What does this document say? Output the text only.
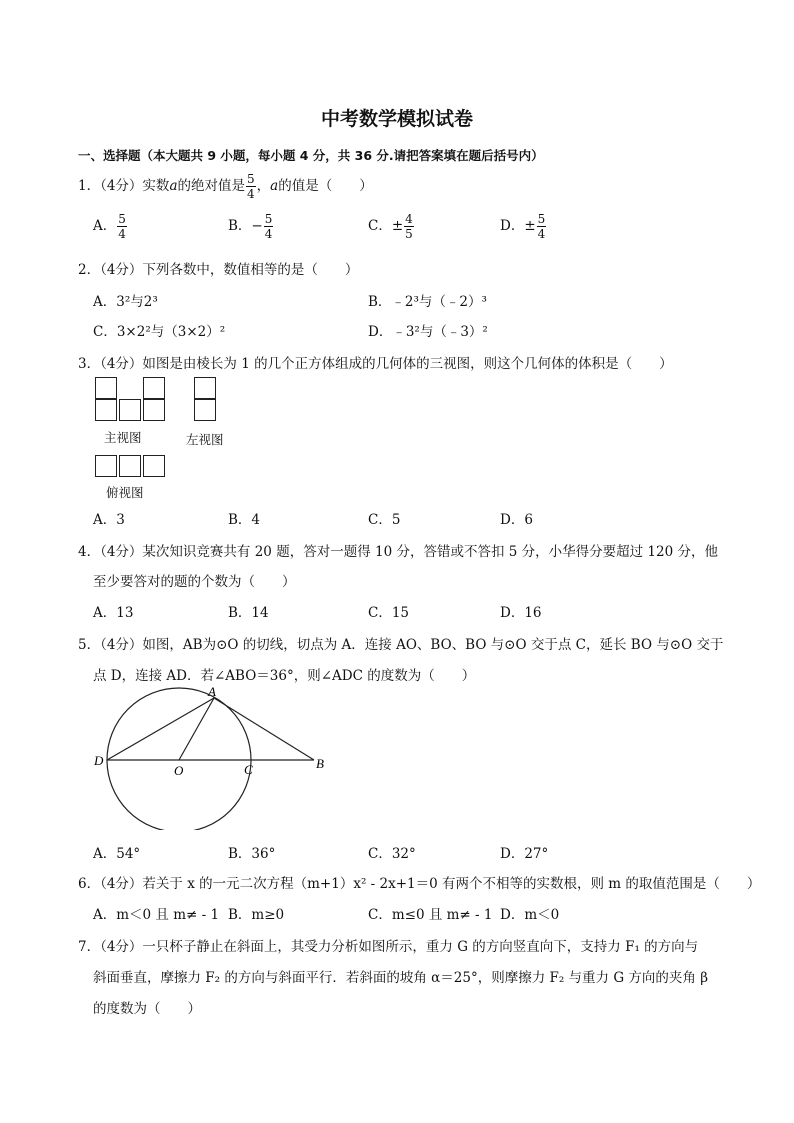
中考数学模拟试卷
一、选择题（本大题共 9 小题，每小题 4 分，共 36 分.请把答案填在题后括号内）
1．（4分）实数a的绝对值是 $\frac{5}{4}$ ，a的值是（　　）
A． $\frac{5}{4}$	B．− $\frac{5}{4}$	C．± $\frac{4}{5}$	D．± $\frac{5}{4}$
2．（4分）下列各数中，数值相等的是（　　）
A．3²与2³	B．﹣2³与（﹣2）³
C．3×2²与（3×2）²	D．﹣3²与（﹣3）²
3．（4分）如图是由棱长为 1 的几个正方体组成的几何体的三视图，则这个几何体的体积是（　　）
主视图	左视图
俯视图
A．3	B．4	C．5	D．6
4．（4分）某次知识竞赛共有 20 题，答对一题得 10 分，答错或不答扣 5 分，小华得分要超过 120 分，他
至少要答对的题的个数为（　　）
A．13	B．14	C．15	D．16
5．（4分）如图，AB为⊙O 的切线，切点为 A．连接 AO、BO、BO 与⊙O 交于点 C，延长 BO 与⊙O 交于
点 D，连接 AD．若∠ABO＝36°，则∠ADC 的度数为（　　）
A
B
C
D
O
A．54°	B．36°	C．32°	D．27°
6．（4分）若关于 x 的一元二次方程（m+1）x² - 2x+1＝0 有两个不相等的实数根，则 m 的取值范围是（　　）
A．m＜0 且 m≠ - 1 B．m≥0	C．m≤0 且 m≠ - 1 D．m＜0
7．（4分）一只杯子静止在斜面上，其受力分析如图所示，重力 G 的方向竖直向下，支持力 F₁ 的方向与
斜面垂直，摩擦力 F₂ 的方向与斜面平行．若斜面的坡角 α＝25°，则摩擦力 F₂ 与重力 G 方向的夹角 β
的度数为（　　）
